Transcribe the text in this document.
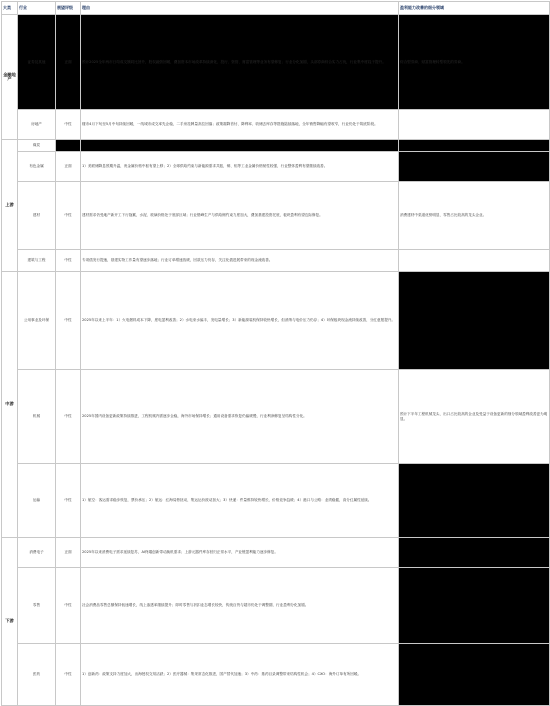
大类	行业	展望评级	理由	盈利能力改善的细分领域
金融地产	证券及其他	正面	预计2025全年两市日均成交额同比回升，股权融资回暖，叠加资本市场改革持续深化，投行、资管、财富管理等业务有望修复；行业分化加剧，头部券商综合实力占优，行业集中度趋于提升。	综合型券商、财富管理转型领先的券商。
	房地产	中性	楼市4月下旬至5月中旬持续回暖，一线城市成交率先企稳，二手房挂牌量高位回落；政策端降首付、降利率、收储去库存等措施陆续落地，全年销售降幅有望收窄，行业仍处于筑底阶段。	
上游	煤炭			
	有色金属	正面	1）美联储降息预期升温，贵金属价格中枢有望上移；2）全球供给约束与新能源需求共振，铜、铝等工业金属价格韧性较强，行业整体盈利有望继续改善。	
	建材	中性	建材需求仍受地产新开工下行拖累，水泥、玻璃价格处于底部区域；行业错峰生产与供给侧约束力度加大，叠加基建投资托底，板块盈利有望边际修复。	消费建材中渠道优势明显、零售占比较高的龙头企业。
	建筑与工程	中性	专项债发行提速，基建实物工作量有望逐步落地；行业订单增速放缓，回款压力仍存，关注化债进展带来的现金流改善。	
中游	公用事业及环保	中性	2025年以来上半年：1）火电燃料成本下降，度电盈利改善；2）水电来水偏丰，发电量增长；3）新能源装机保持较快增长，但消纳与电价压力仍存；4）环保板块现金流持续改善，分红意愿提升。	
	机械	中性	2025年国内设备更新政策持续推进，工程机械内需逐步企稳，海外市场保持增长；通用设备需求恢复仍偏缓慢，行业利润修复呈结构性分化。	预计下半年工程机械龙头、出口占比较高的企业及受益于设备更新的细分领域盈利改善更为明显。
	运输	中性	1）航空：客运需求稳步恢复，票价承压；2）航运：红海局势扰动，集运运价波动加大；3）快递：件量维持较快增长，价格竞争趋缓；4）港口与公路：业绩稳健，高分红属性延续。	
下游	消费电子	正面	2025年以来消费电子需求延续复苏，AI终端创新带动换机需求；上游元器件库存回归正常水平，产业链盈利能力逐步修复。	
	零售	中性	社会消费品零售总额保持低速增长，线上渗透率继续提升；即时零售与折扣业态增长较快，传统百货与超市仍处于调整期，行业盈利分化加剧。	
	医药	中性	1）创新药：政策支持力度加大，出海授权交易活跃；2）医疗器械：集采常态化推进，国产替代加速；3）中药：基药目录调整带来结构性机会；4）CXO：海外订单有所回暖。	
